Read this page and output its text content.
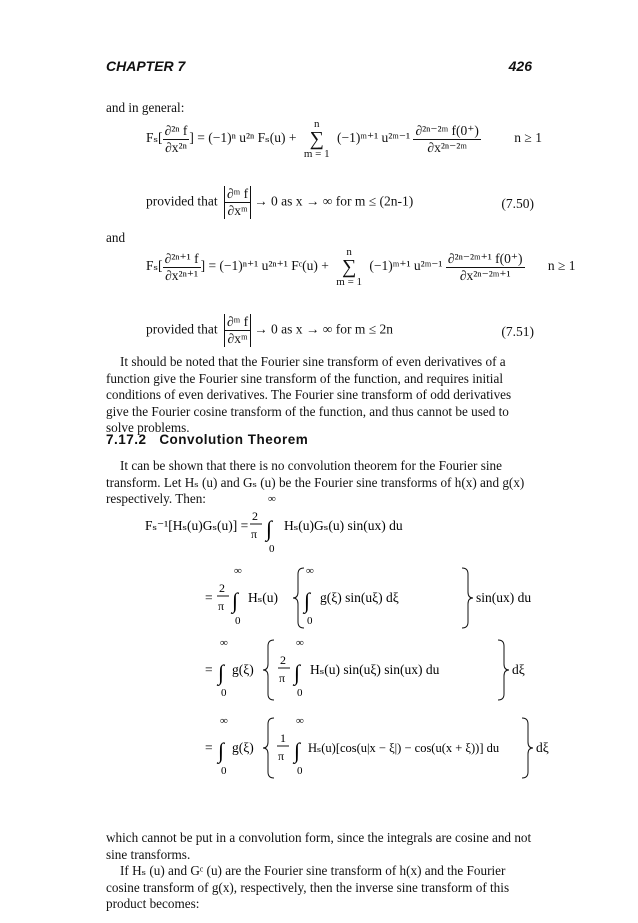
CHAPTER 7	426
and in general:
$F_s[ \frac{\text{∂²ⁿ f}}{\text{∂x²ⁿ}}$ ] = (−1)ⁿ u²ⁿ Fₛ(u) +
n
∑
m = 1
(−1)ᵐ⁺¹ u²ᵐ⁻¹ $\frac{\text{∂²ⁿ⁻²ᵐ f(0⁺)}}{\text{∂x²ⁿ⁻²ᵐ}}$ n ≥ 1
provided that $\frac{\text{∂ᵐ f}}{\text{∂xᵐ}} \to 0$ as x → ∞ for m ≤ (2n-1)	(7.50)
and
$F_s[ \frac{\text{∂²ⁿ⁺¹ f}}{\text{∂x²ⁿ⁺¹}}$ ] = (−1)ⁿ⁺¹ u²ⁿ⁺¹ Fᶜ(u) +
n
∑
m = 1
(−1)ᵐ⁺¹ u²ᵐ⁻¹ $\frac{\text{∂²ⁿ⁻²ᵐ⁺¹ f(0⁺)}}{\text{∂x²ⁿ⁻²ᵐ⁺¹}}$ n ≥ 1
provided that $\frac{\text{∂ᵐ f}}{\text{∂xᵐ}} \to 0$ as x → ∞ for m ≤ 2n	(7.51)
It should be noted that the Fourier sine transform of even derivatives of a function give the Fourier sine transform of the function, and requires initial conditions of even derivatives. The Fourier sine transform of odd derivatives give the Fourier cosine transform of the function, and thus cannot be used to solve problems.
7.17.2 Convolution Theorem
It can be shown that there is no convolution theorem for the Fourier sine transform. Let Hₛ (u) and Gₛ (u) be the Fourier sine transforms of h(x) and g(x) respectively. Then:
Fₛ⁻¹[Hₛ(u)Gₛ(u)] =
2
π
∞
∫
0
Hₛ(u)Gₛ(u) sin(ux) du
=
2
π
∞
∫
0
Hₛ(u)
∞
∫
0
g(ξ) sin(uξ) dξ	sin(ux) du
=
∞
∫
0
g(ξ)
2
π
∞
∫
0
Hₛ(u) sin(uξ) sin(ux) du	dξ
=
∞
∫
0
g(ξ)
1
π
∞
∫
0
Hₛ(u)[cos(u|x − ξ|) − cos(u(x + ξ))] du	dξ
which cannot be put in a convolution form, since the integrals are cosine and not sine transforms.
If Hₛ (u) and Gᶜ (u) are the Fourier sine transform of h(x) and the Fourier cosine transform of g(x), respectively, then the inverse sine transform of this product becomes:
